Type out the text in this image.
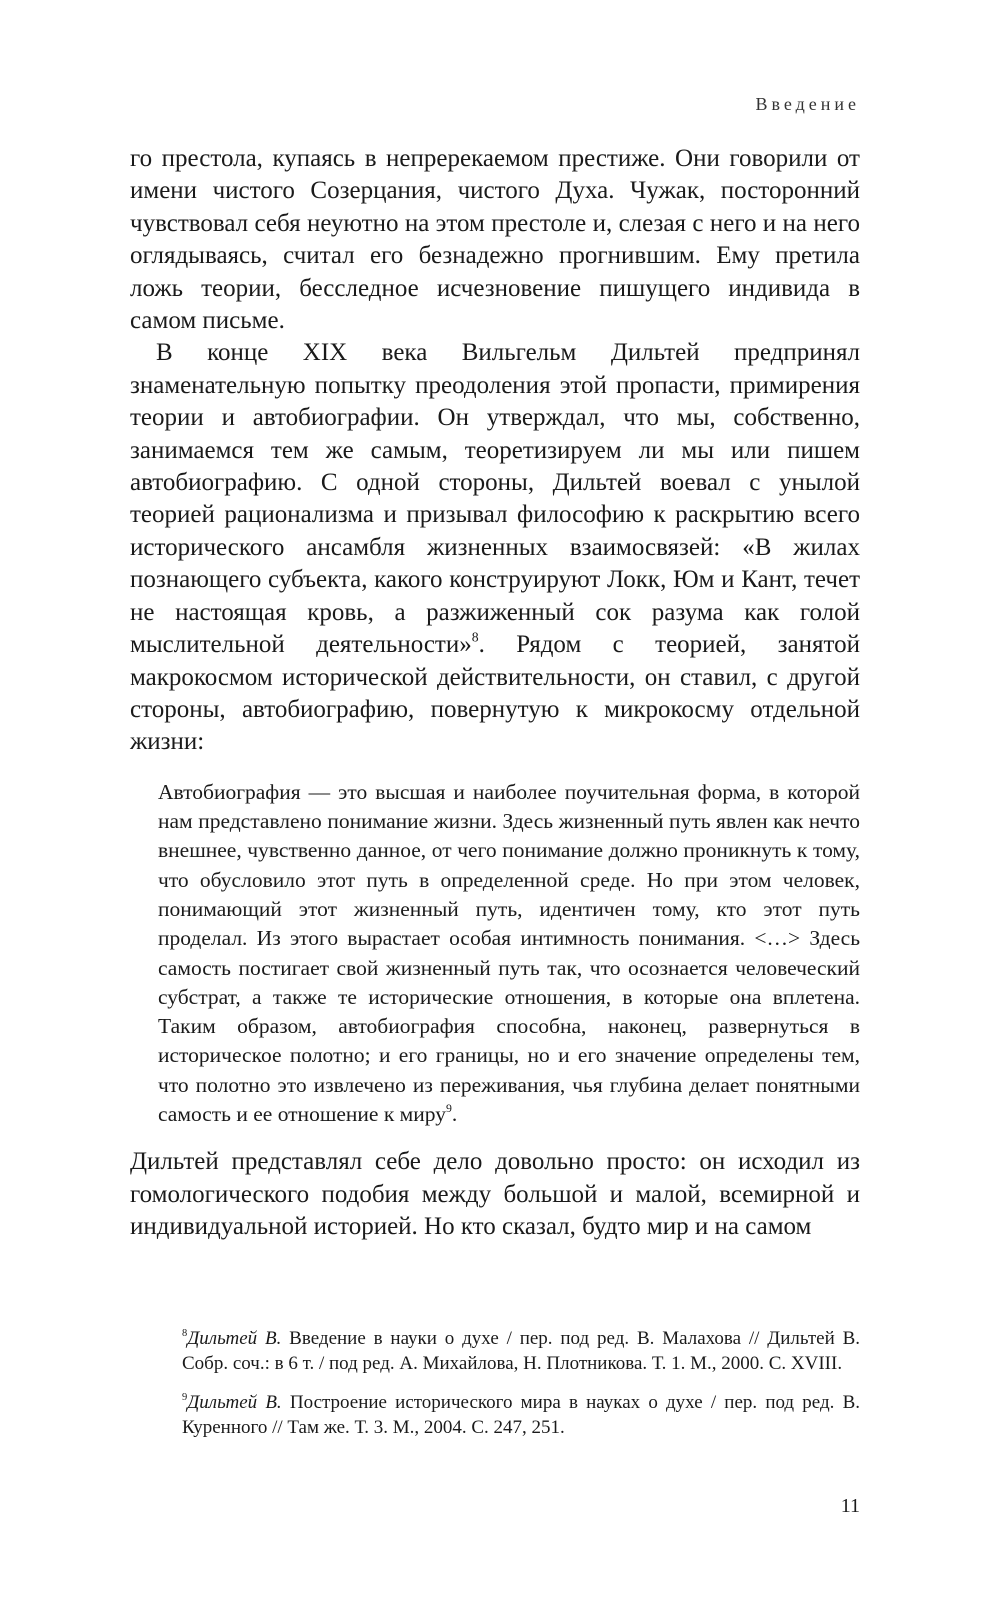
Введение

го престола, купаясь в непререкаемом престиже. Они говорили от имени чистого Созерцания, чистого Духа. Чужак, посторонний чувствовал себя неуютно на этом престоле и, слезая с него и на него оглядываясь, считал его безнадежно прогнившим. Ему претила ложь теории, бесследное исчезновение пишущего индивида в самом письме.

В конце XIX века Вильгельм Дильтей предпринял знаменательную попытку преодоления этой пропасти, примирения теории и автобиографии. Он утверждал, что мы, собственно, занимаемся тем же самым, теоретизируем ли мы или пишем автобиографию. С одной стороны, Дильтей воевал с унылой теорией рационализма и призывал философию к раскрытию всего исторического ансамбля жизненных взаимосвязей: «В жилах познающего субъекта, какого конструируют Локк, Юм и Кант, течет не настоящая кровь, а разжиженный сок разума как голой мыслительной деятельности»$^8$. Рядом с теорией, занятой макрокосмом исторической действительности, он ставил, с другой стороны, автобиографию, повернутую к микрокосму отдельной жизни:

Автобиография — это высшая и наиболее поучительная форма, в которой нам представлено понимание жизни. Здесь жизненный путь явлен как нечто внешнее, чувственно данное, от чего понимание должно проникнуть к тому, что обусловило этот путь в определенной среде. Но при этом человек, понимающий этот жизненный путь, идентичен тому, кто этот путь проделал. Из этого вырастает особая интимность понимания. <…> Здесь самость постигает свой жизненный путь так, что осознается человеческий субстрат, а также те исторические отношения, в которые она вплетена. Таким образом, автобиография способна, наконец, развернуться в историческое полотно; и его границы, но и его значение определены тем, что полотно это извлечено из переживания, чья глубина делает понятными самость и ее отношение к миру$^9$.

Дильтей представлял себе дело довольно просто: он исходил из гомологического подобия между большой и малой, всемирной и индивидуальной историей. Но кто сказал, будто мир и на самом

$^8$Дильтей В. Введение в науки о духе / пер. под ред. В. Малахова // Дильтей В. Собр. соч.: в 6 т. / под ред. А. Михайлова, Н. Плотникова. Т. 1. М., 2000. С. XVIII.

$^9$Дильтей В. Построение исторического мира в науках о духе / пер. под ред. В. Куренного // Там же. Т. 3. М., 2004. С. 247, 251.

11
